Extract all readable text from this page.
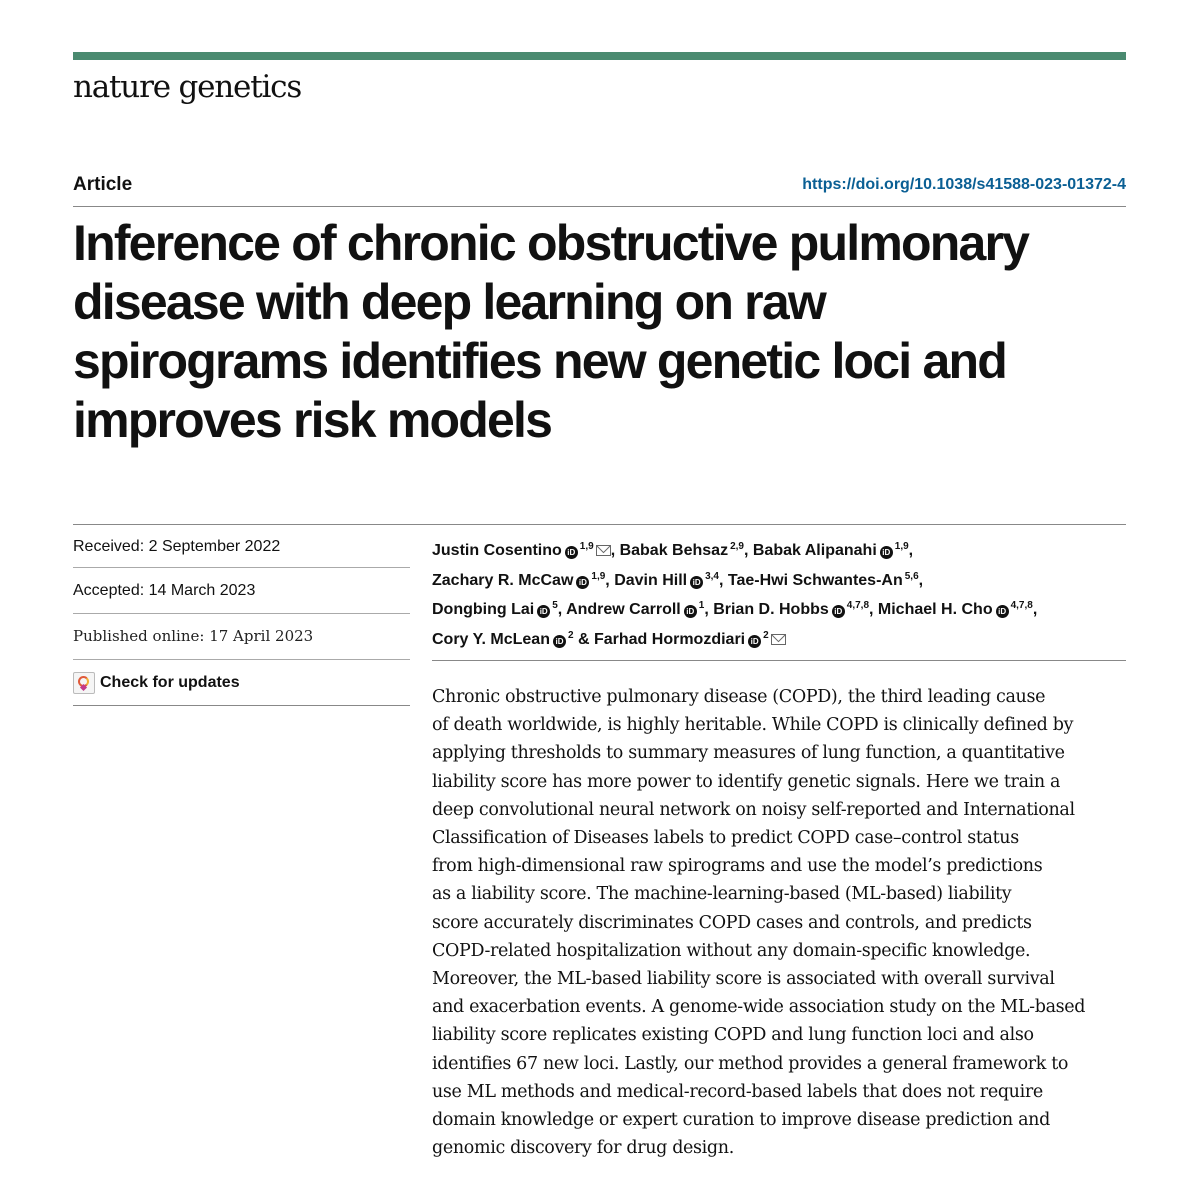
nature genetics
Article	https://doi.org/10.1038/s41588-023-01372-4
Inference of chronic obstructive pulmonary
disease with deep learning on raw
spirograms identifies new genetic loci and
improves risk models
Received: 2 September 2022
Accepted: 14 March 2023
Published online: 17 April 2023
Check for updates
Justin Cosentino iD$^{1,9}$ , Babak Behsaz $^{2,9}$, Babak Alipanahi iD$^{1,9}$,
Zachary R. McCaw iD$^{1,9}$, Davin Hill iD$^{3,4}$, Tae-Hwi Schwantes-An $^{5,6}$,
Dongbing Lai iD$^5$, Andrew Carroll iD$^1$, Brian D. Hobbs iD$^{4,7,8}$, Michael H. Cho iD$^{4,7,8}$,
Cory Y. McLean iD$^2$ & Farhad Hormozdiari iD$^2$
Chronic obstructive pulmonary disease (COPD), the third leading cause
of death worldwide, is highly heritable. While COPD is clinically defined by
applying thresholds to summary measures of lung function, a quantitative
liability score has more power to identify genetic signals. Here we train a
deep convolutional neural network on noisy self-reported and International
Classification of Diseases labels to predict COPD case–control status
from high-dimensional raw spirograms and use the model’s predictions
as a liability score. The machine-learning-based (ML-based) liability
score accurately discriminates COPD cases and controls, and predicts
COPD-related hospitalization without any domain-specific knowledge.
Moreover, the ML-based liability score is associated with overall survival
and exacerbation events. A genome-wide association study on the ML-based
liability score replicates existing COPD and lung function loci and also
identifies 67 new loci. Lastly, our method provides a general framework to
use ML methods and medical-record-based labels that does not require
domain knowledge or expert curation to improve disease prediction and
genomic discovery for drug design.
